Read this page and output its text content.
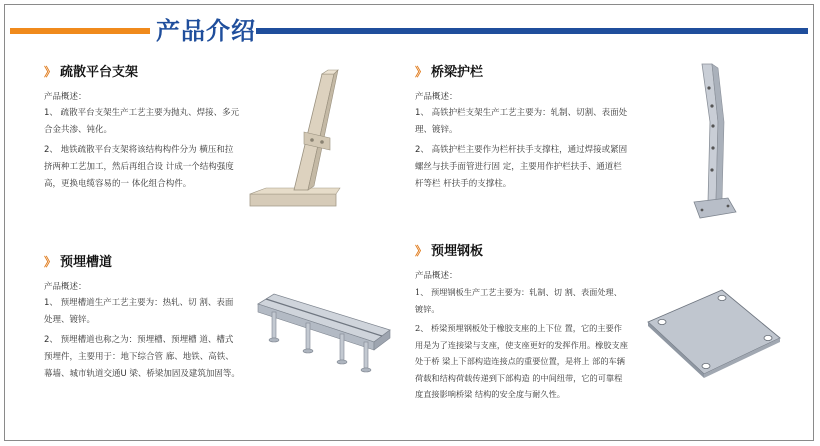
产品介绍
》 疏散平台支架
产品概述：
1、 疏散平台支架生产工艺主要为抛丸、焊接、多元合金共渗、钝化。
2、 地铁疏散平台支架将该结构构件分为 横压和拉挤两种工艺加工，然后再组合设 计成一个结构强度高，更换电缆容易的一 体化组合构件。
》 桥梁护栏
产品概述：
1、 高铁护栏支架生产工艺主要为：轧制、切割、表面处理、镀锌。
2、 高铁护栏主要作为栏杆扶手支撑柱，通过焊接或紧固螺丝与扶手面管进行固 定，主要用作护栏扶手、通道栏杆等栏 杆扶手的支撑柱。
》 预埋槽道
产品概述：
1、 预埋槽道生产工艺主要为：热轧、切 割、表面处理、镀锌。
2、 预埋槽道也称之为：预埋槽、预埋槽 道、槽式预埋件，主要用于：地下综合管 廊、地铁、高铁、幕墙、城市轨道交通U 梁、桥梁加固及建筑加固等。
》 预埋钢板
产品概述：
1、 预埋钢板生产工艺主要为：轧制、切 割、表面处理、镀锌。
2、 桥梁预埋钢板处于橡胶支座的上下位 置，它的主要作用是为了连接梁与支座，使支座更好的发挥作用。橡胶支座处于桥 梁上下部构造连接点的重要位置，是将上 部的车辆荷载和结构荷载传递到下部构造 的中间纽带，它的可靠程度直接影响桥梁 结构的安全度与耐久性。
